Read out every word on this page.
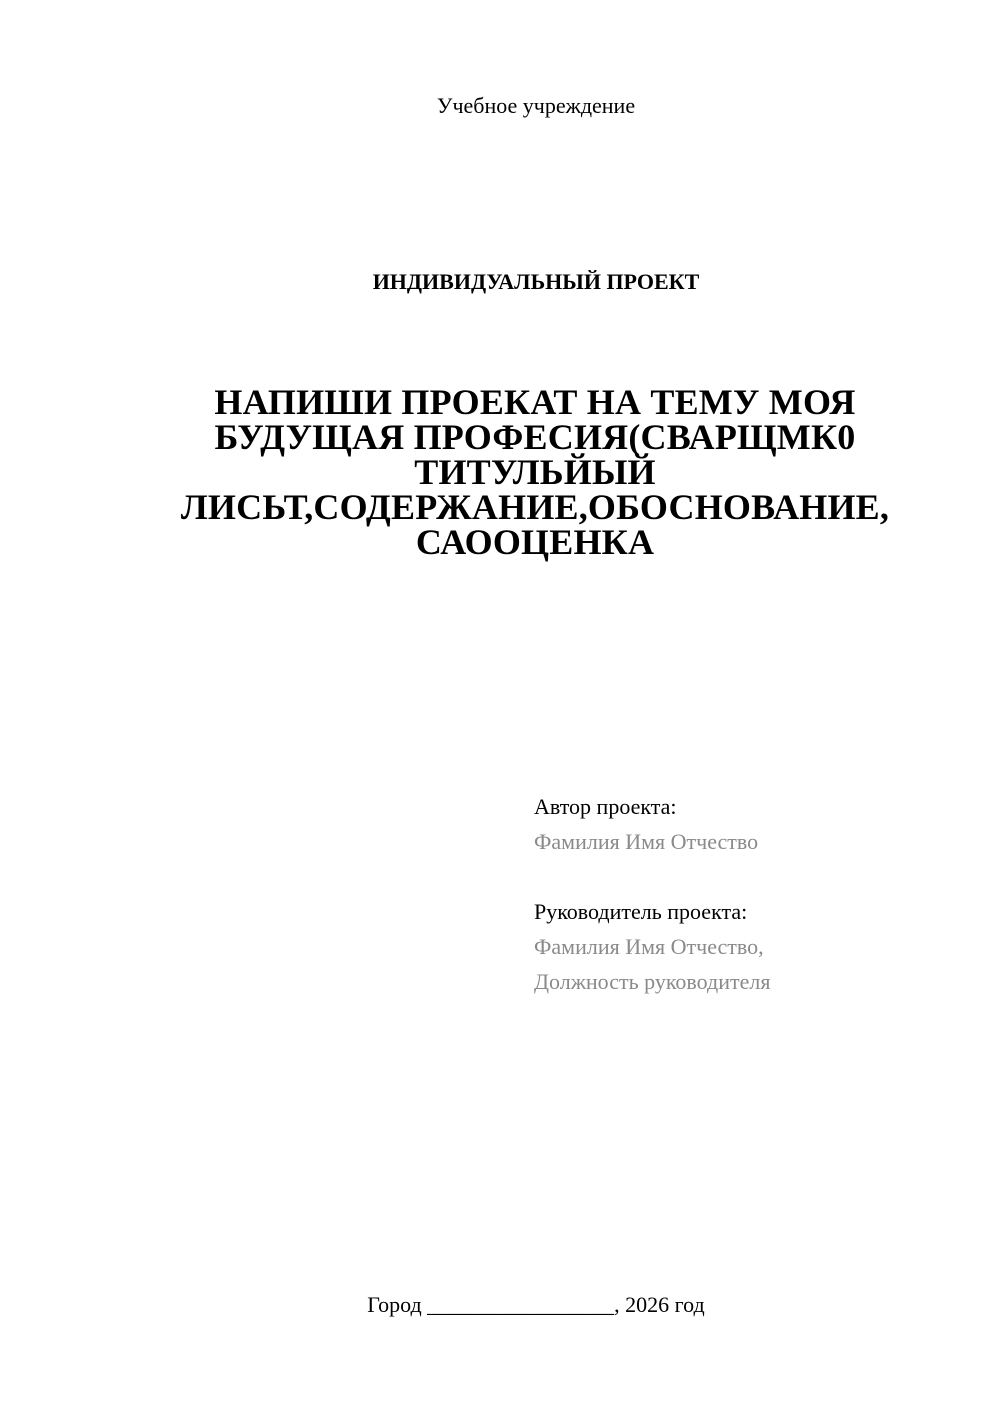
Учебное учреждение
ИНДИВИДУАЛЬНЫЙ ПРОЕКТ
НАПИШИ ПРОЕКАТ НА ТЕМУ МОЯ
БУДУЩАЯ ПРОФЕСИЯ(СВАРЩМК0
ТИТУЛЬЙЫЙ
ЛИСЬТ,СОДЕРЖАНИЕ,ОБОСНОВАНИЕ,
САООЦЕНКА
Автор проекта:
Фамилия Имя Отчество
Руководитель проекта:
Фамилия Имя Отчество,
Должность руководителя
Город _________________, 2026 год
